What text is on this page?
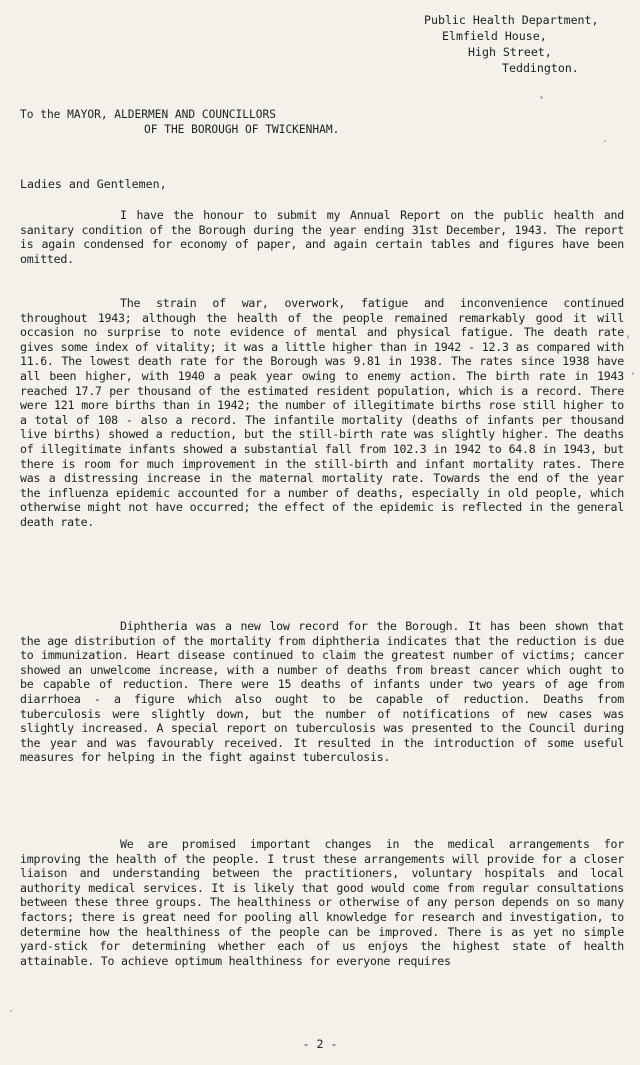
Public Health Department,
Elmfield House,
High Street,
Teddington.
To the MAYOR, ALDERMEN AND COUNCILLORS
OF THE BOROUGH OF TWICKENHAM.
Ladies and Gentlemen,

I have the honour to submit my Annual Report on the public health and sanitary condition of the Borough during the year ending 31st December, 1943. The report is again condensed for economy of paper, and again certain tables and figures have been omitted.

The strain of war, overwork, fatigue and inconvenience continued throughout 1943; although the health of the people remained remarkably good it will occasion no surprise to note evidence of mental and physical fatigue. The death rate gives some index of vitality; it was a little higher than in 1942 - 12.3 as compared with 11.6. The lowest death rate for the Borough was 9.81 in 1938. The rates since 1938 have all been higher, with 1940 a peak year owing to enemy action. The birth rate in 1943 reached 17.7 per thousand of the estimated resident population, which is a record. There were 121 more births than in 1942; the number of illegitimate births rose still higher to a total of 108 - also a record. The infantile mortality (deaths of infants per thousand live births) showed a reduction, but the still-birth rate was slightly higher. The deaths of illegitimate infants showed a substantial fall from 102.3 in 1942 to 64.8 in 1943, but there is room for much improvement in the still-birth and infant mortality rates. There was a distressing increase in the maternal mortality rate. Towards the end of the year the influenza epidemic accounted for a number of deaths, especially in old people, which otherwise might not have occurred; the effect of the epidemic is reflected in the general death rate.

Diphtheria was a new low record for the Borough. It has been shown that the age distribution of the mortality from diphtheria indicates that the reduction is due to immunization. Heart disease continued to claim the greatest number of victims; cancer showed an unwelcome increase, with a number of deaths from breast cancer which ought to be capable of reduction. There were 15 deaths of infants under two years of age from diarrhoea - a figure which also ought to be capable of reduction. Deaths from tuberculosis were slightly down, but the number of notifications of new cases was slightly increased. A special report on tuberculosis was presented to the Council during the year and was favourably received. It resulted in the introduction of some useful measures for helping in the fight against tuberculosis.

We are promised important changes in the medical arrangements for improving the health of the people. I trust these arrangements will provide for a closer liaison and understanding between the practitioners, voluntary hospitals and local authority medical services. It is likely that good would come from regular consultations between these three groups. The healthiness or otherwise of any person depends on so many factors; there is great need for pooling all knowledge for research and investigation, to determine how the healthiness of the people can be improved. There is as yet no simple yard-stick for determining whether each of us enjoys the highest state of health attainable. To achieve optimum healthiness for everyone requires

- 2 -
